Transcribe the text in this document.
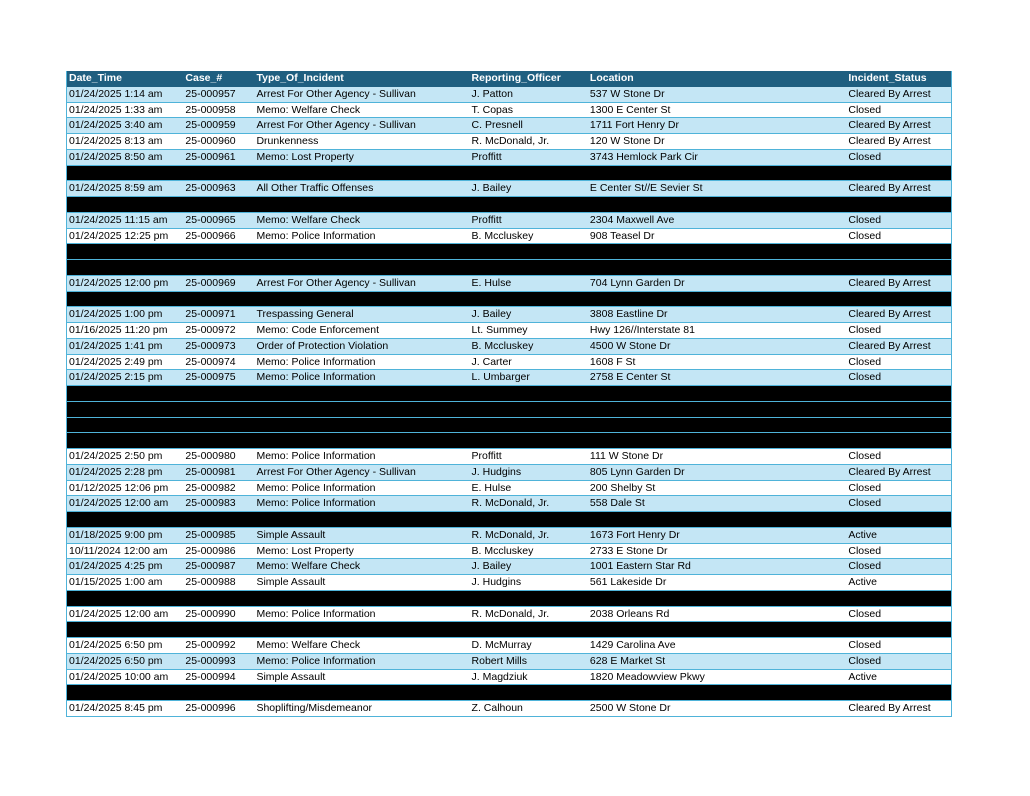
Date_Time	Case_#	Type_Of_Incident	Reporting_Officer	Location	Incident_Status
01/24/2025 1:14 am	25-000957	Arrest For Other Agency - Sullivan	J. Patton	537 W Stone Dr	Cleared By Arrest
01/24/2025 1:33 am	25-000958	Memo: Welfare Check	T. Copas	1300 E Center St	Closed
01/24/2025 3:40 am	25-000959	Arrest For Other Agency - Sullivan	C. Presnell	1711 Fort Henry Dr	Cleared By Arrest
01/24/2025 8:13 am	25-000960	Drunkenness	R. McDonald, Jr.	120 W Stone Dr	Cleared By Arrest
01/24/2025 8:50 am	25-000961	Memo: Lost Property	Proffitt	3743 Hemlock Park Cir	Closed
01/24/2025 8:59 am	25-000963	All Other Traffic Offenses	J. Bailey	E Center St//E Sevier St	Cleared By Arrest
01/24/2025 11:15 am	25-000965	Memo: Welfare Check	Proffitt	2304 Maxwell Ave	Closed
01/24/2025 12:25 pm	25-000966	Memo: Police Information	B. Mccluskey	908 Teasel Dr	Closed
01/24/2025 12:00 pm	25-000969	Arrest For Other Agency - Sullivan	E. Hulse	704 Lynn Garden Dr	Cleared By Arrest
01/24/2025 1:00 pm	25-000971	Trespassing General	J. Bailey	3808 Eastline Dr	Cleared By Arrest
01/16/2025 11:20 pm	25-000972	Memo: Code Enforcement	Lt. Summey	Hwy 126//Interstate 81	Closed
01/24/2025 1:41 pm	25-000973	Order of Protection Violation	B. Mccluskey	4500 W Stone Dr	Cleared By Arrest
01/24/2025 2:49 pm	25-000974	Memo: Police Information	J. Carter	1608 F St	Closed
01/24/2025 2:15 pm	25-000975	Memo: Police Information	L. Umbarger	2758 E Center St	Closed
01/24/2025 2:50 pm	25-000980	Memo: Police Information	Proffitt	111 W Stone Dr	Closed
01/24/2025 2:28 pm	25-000981	Arrest For Other Agency - Sullivan	J. Hudgins	805 Lynn Garden Dr	Cleared By Arrest
01/12/2025 12:06 pm	25-000982	Memo: Police Information	E. Hulse	200 Shelby St	Closed
01/24/2025 12:00 am	25-000983	Memo: Police Information	R. McDonald, Jr.	558 Dale St	Closed
01/18/2025 9:00 pm	25-000985	Simple Assault	R. McDonald, Jr.	1673 Fort Henry Dr	Active
10/11/2024 12:00 am	25-000986	Memo: Lost Property	B. Mccluskey	2733 E Stone Dr	Closed
01/24/2025 4:25 pm	25-000987	Memo: Welfare Check	J. Bailey	1001 Eastern Star Rd	Closed
01/15/2025 1:00 am	25-000988	Simple Assault	J. Hudgins	561 Lakeside Dr	Active
01/24/2025 12:00 am	25-000990	Memo: Police Information	R. McDonald, Jr.	2038 Orleans Rd	Closed
01/24/2025 6:50 pm	25-000992	Memo: Welfare Check	D. McMurray	1429 Carolina Ave	Closed
01/24/2025 6:50 pm	25-000993	Memo: Police Information	Robert Mills	628 E Market St	Closed
01/24/2025 10:00 am	25-000994	Simple Assault	J. Magdziuk	1820 Meadowview Pkwy	Active
01/24/2025 8:45 pm	25-000996	Shoplifting/Misdemeanor	Z. Calhoun	2500 W Stone Dr	Cleared By Arrest
